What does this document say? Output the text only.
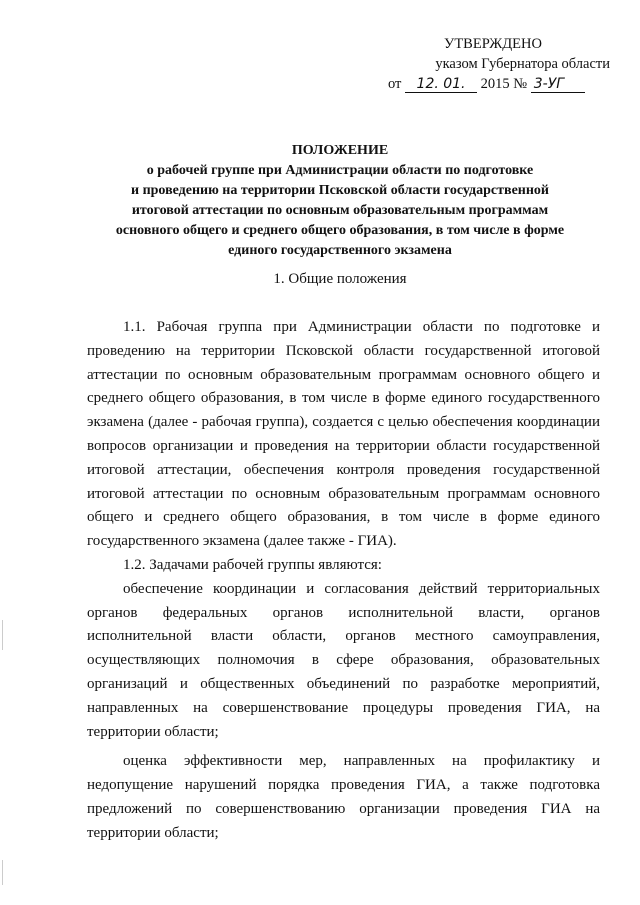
УТВЕРЖДЕНО
указом Губернатора области
от 12. 01. 2015 № 3-УГ
ПОЛОЖЕНИЕ
о рабочей группе при Администрации области по подготовке
и проведению на территории Псковской области государственной
итоговой аттестации по основным образовательным программам
основного общего и среднего общего образования, в том числе в форме
единого государственного экзамена
1. Общие положения

1.1. Рабочая группа при Администрации области по подготовке и проведению на территории Псковской области государственной итоговой аттестации по основным образовательным программам основного общего и среднего общего образования, в том числе в форме единого государственного экзамена (далее - рабочая группа), создается с целью обеспечения координации вопросов организации и проведения на территории области государственной итоговой аттестации, обеспечения контроля проведения государственной итоговой аттестации по основным образовательным программам основного общего и среднего общего образования, в том числе в форме единого государственного экзамена (далее также - ГИА).

1.2. Задачами рабочей группы являются:

обеспечение координации и согласования действий территориальных органов федеральных органов исполнительной власти, органов исполнительной власти области, органов местного самоуправления, осуществляющих полномочия в сфере образования, образовательных организаций и общественных объединений по разработке мероприятий, направленных на совершенствование процедуры проведения ГИА, на территории области;

оценка эффективности мер, направленных на профилактику и недопущение нарушений порядка проведения ГИА, а также подготовка предложений по совершенствованию организации проведения ГИА на территории области;
